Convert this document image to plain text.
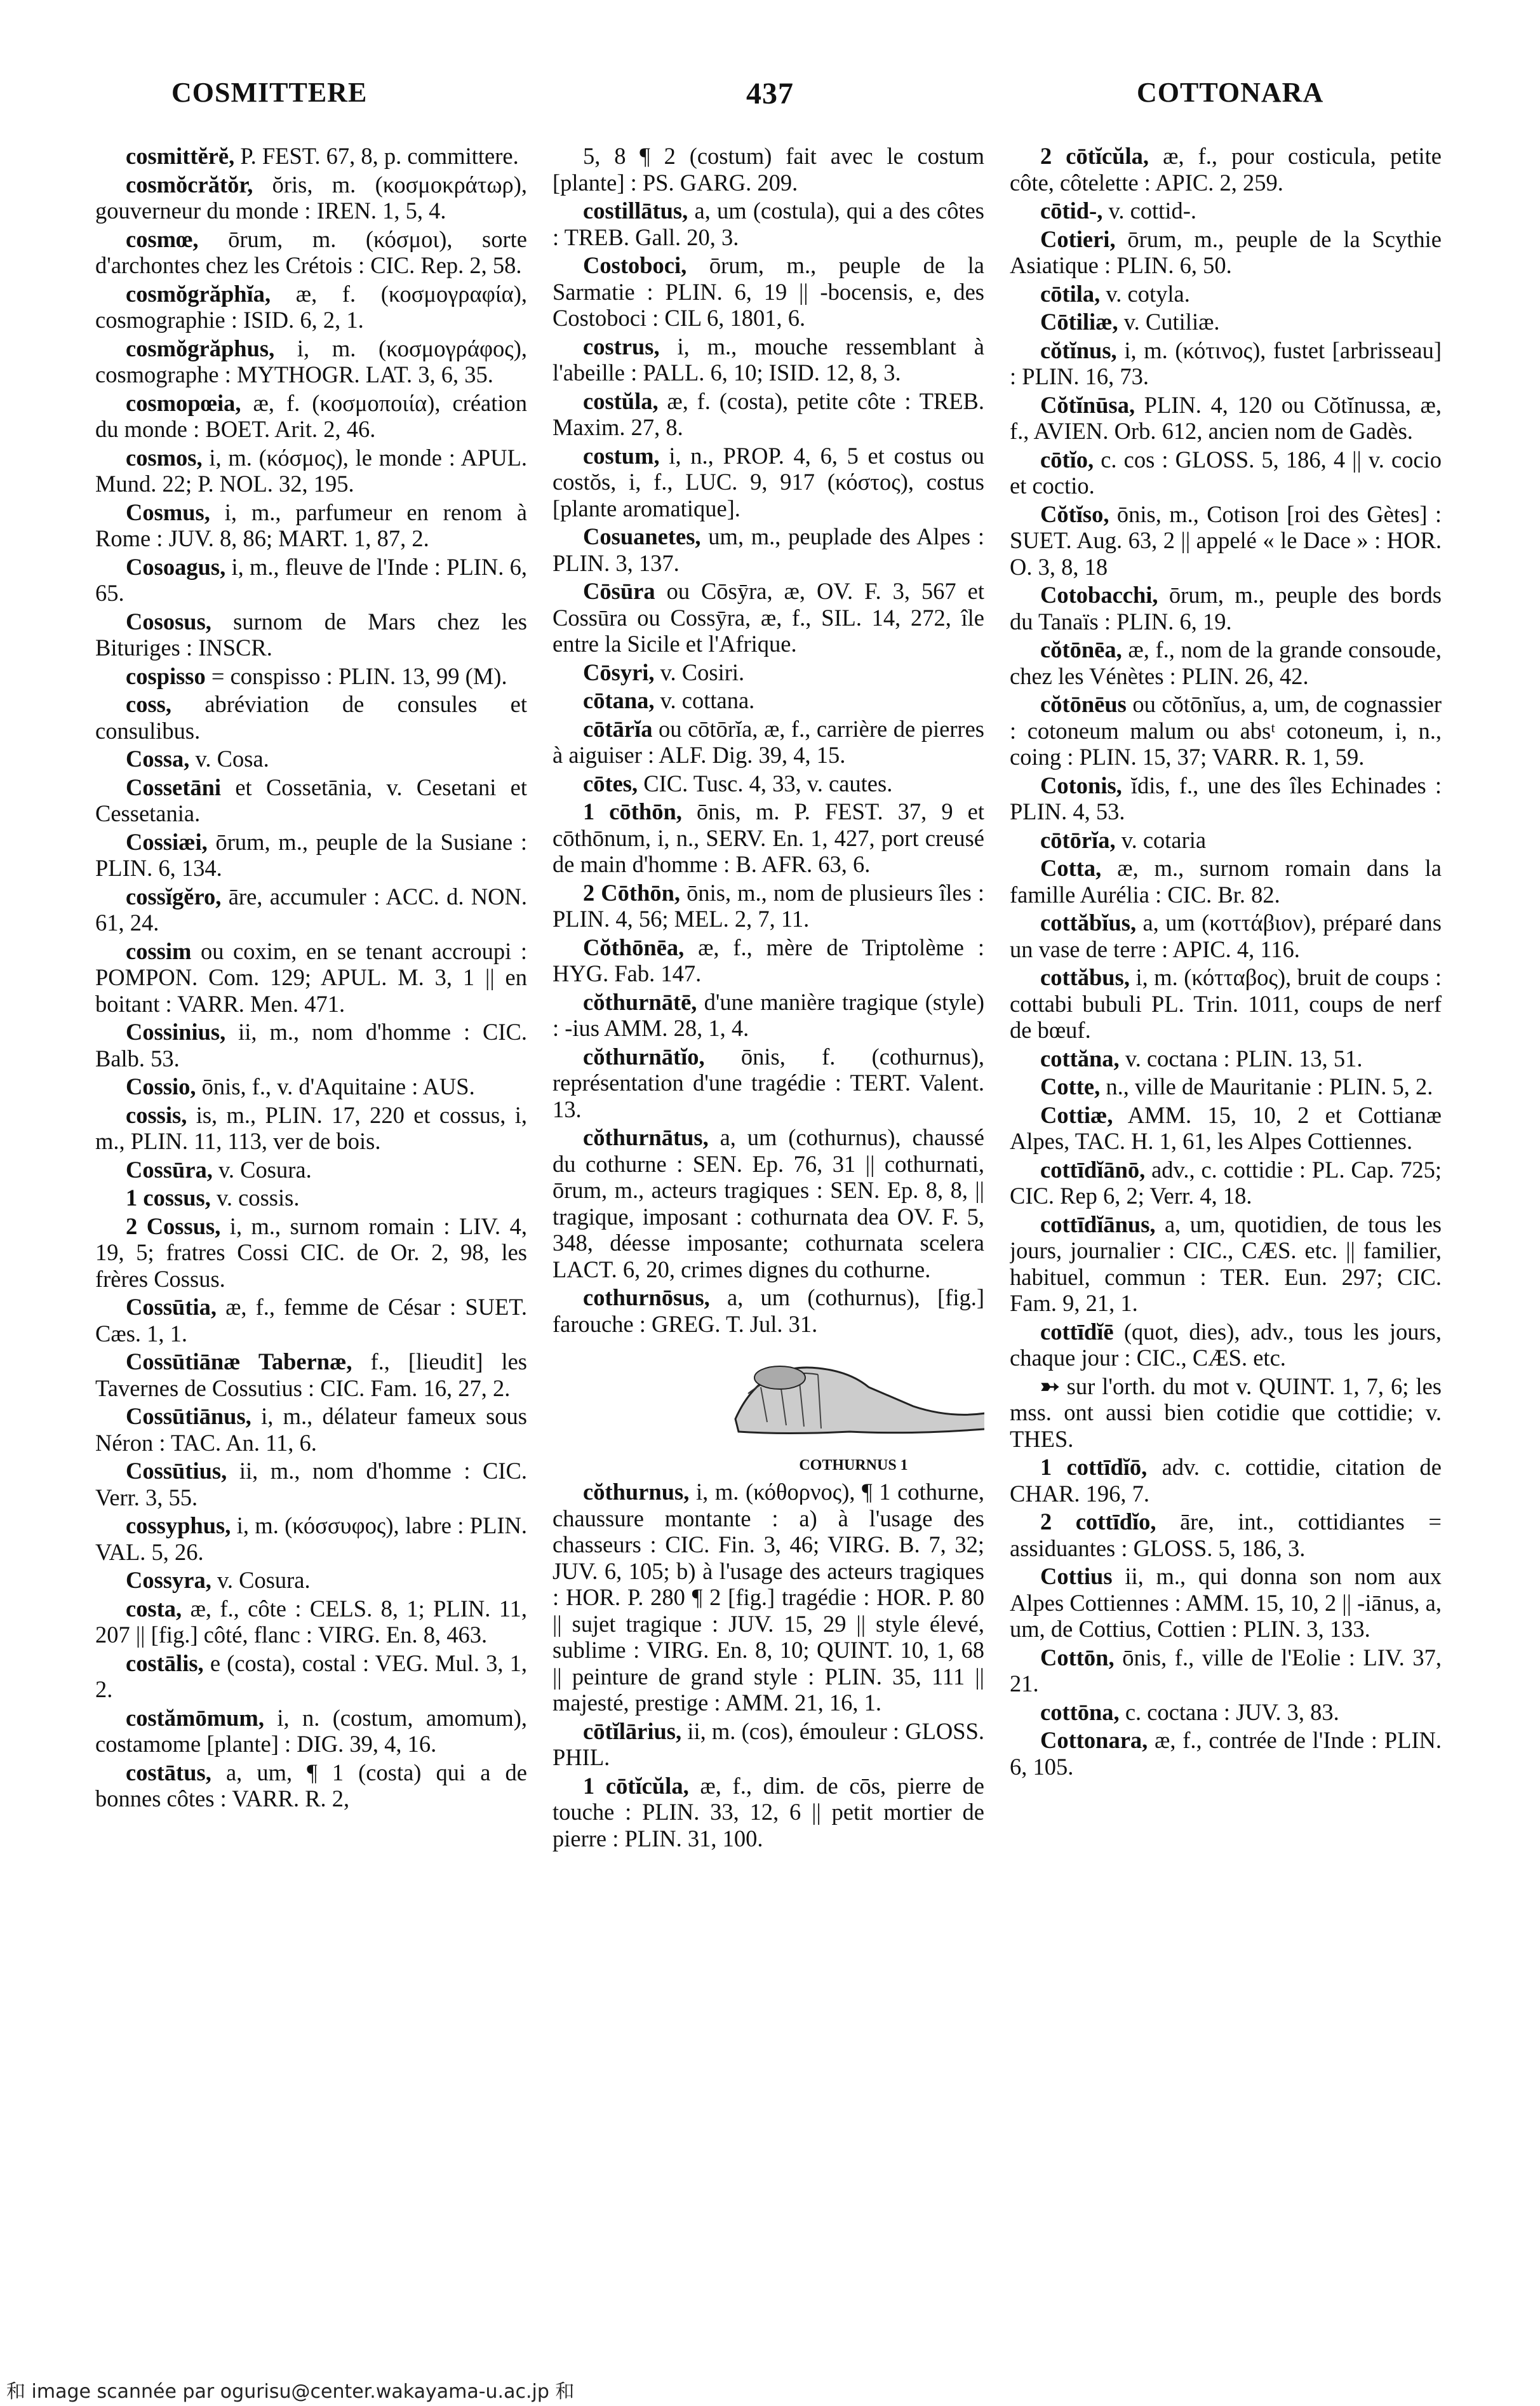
COSMITTERE	437	COTTONARA

cosmittĕrĕ, P. FEST. 67, 8, p. committere.

cosmŏcrătŏr, ŏris, m. (κοσμοκράτωρ), gouverneur du monde : IREN. 1, 5, 4.

cosmœ, ōrum, m. (κόσμοι), sorte d'archontes chez les Crétois : CIC. Rep. 2, 58.

cosmŏgrăphĭa, æ, f. (κοσμογραφία), cosmographie : ISID. 6, 2, 1.

cosmŏgrăphus, i, m. (κοσμογράφος), cosmographe : MYTHOGR. LAT. 3, 6, 35.

cosmopœia, æ, f. (κοσμοποιία), création du monde : BOET. Arit. 2, 46.

cosmos, i, m. (κόσμος), le monde : APUL. Mund. 22; P. NOL. 32, 195.

Cosmus, i, m., parfumeur en renom à Rome : JUV. 8, 86; MART. 1, 87, 2.

Cosoagus, i, m., fleuve de l'Inde : PLIN. 6, 65.

Cososus, surnom de Mars chez les Bituriges : INSCR.

cospisso = conspisso : PLIN. 13, 99 (M).

coss, abréviation de consules et consulibus.

Cossa, v. Cosa.

Cossetāni et Cossetānia, v. Cesetani et Cessetania.

Cossiæi, ōrum, m., peuple de la Susiane : PLIN. 6, 134.

cossĭgĕro, āre, accumuler : ACC. d. NON. 61, 24.

cossim ou coxim, en se tenant accroupi : POMPON. Com. 129; APUL. M. 3, 1 || en boitant : VARR. Men. 471.

Cossinius, ii, m., nom d'homme : CIC. Balb. 53.

Cossio, ōnis, f., v. d'Aquitaine : AUS.

cossis, is, m., PLIN. 17, 220 et cossus, i, m., PLIN. 11, 113, ver de bois.

Cossūra, v. Cosura.

1 cossus, v. cossis.

2 Cossus, i, m., surnom romain : LIV. 4, 19, 5; fratres Cossi CIC. de Or. 2, 98, les frères Cossus.

Cossūtia, æ, f., femme de César : SUET. Cæs. 1, 1.

Cossūtiānæ Tabernæ, f., [lieudit] les Tavernes de Cossutius : CIC. Fam. 16, 27, 2.

Cossūtiānus, i, m., délateur fameux sous Néron : TAC. An. 11, 6.

Cossūtius, ii, m., nom d'homme : CIC. Verr. 3, 55.

cossyphus, i, m. (κόσσυφος), labre : PLIN. VAL. 5, 26.

Cossyra, v. Cosura.

costa, æ, f., côte : CELS. 8, 1; PLIN. 11, 207 || [fig.] côté, flanc : VIRG. En. 8, 463.

costālis, e (costa), costal : VEG. Mul. 3, 1, 2.

costămōmum, i, n. (costum, amomum), costamome [plante] : DIG. 39, 4, 16.

costātus, a, um, ¶ 1 (costa) qui a de bonnes côtes : VARR. R. 2,

5, 8 ¶ 2 (costum) fait avec le costum [plante] : PS. GARG. 209.

costillātus, a, um (costula), qui a des côtes : TREB. Gall. 20, 3.

Costoboci, ōrum, m., peuple de la Sarmatie : PLIN. 6, 19 || -bocensis, e, des Costoboci : CIL 6, 1801, 6.

costrus, i, m., mouche ressemblant à l'abeille : PALL. 6, 10; ISID. 12, 8, 3.

costŭla, æ, f. (costa), petite côte : TREB. Maxim. 27, 8.

costum, i, n., PROP. 4, 6, 5 et costus ou costŏs, i, f., LUC. 9, 917 (κόστος), costus [plante aromatique].

Cosuanetes, um, m., peuplade des Alpes : PLIN. 3, 137.

Cōsūra ou Cōsȳra, æ, OV. F. 3, 567 et Cossūra ou Cossȳra, æ, f., SIL. 14, 272, île entre la Sicile et l'Afrique.

Cōsyri, v. Cosiri.

cōtana, v. cottana.

cōtārĭa ou cōtōrĭa, æ, f., carrière de pierres à aiguiser : ALF. Dig. 39, 4, 15.

cōtes, CIC. Tusc. 4, 33, v. cautes.

1 cōthōn, ōnis, m. P. FEST. 37, 9 et cōthōnum, i, n., SERV. En. 1, 427, port creusé de main d'homme : B. AFR. 63, 6.

2 Cōthōn, ōnis, m., nom de plusieurs îles : PLIN. 4, 56; MEL. 2, 7, 11.

Cŏthōnēa, æ, f., mère de Triptolème : HYG. Fab. 147.

cŏthurnātē, d'une manière tragique (style) : -ius AMM. 28, 1, 4.

cŏthurnātĭo, ōnis, f. (cothurnus), représentation d'une tragédie : TERT. Valent. 13.

cŏthurnātus, a, um (cothurnus), chaussé du cothurne : SEN. Ep. 76, 31 || cothurnati, ōrum, m., acteurs tragiques : SEN. Ep. 8, 8, || tragique, imposant : cothurnata dea OV. F. 5, 348, déesse imposante; cothurnata scelera LACT. 6, 20, crimes dignes du cothurne.

cothurnōsus, a, um (cothurnus), [fig.] farouche : GREG. T. Jul. 31.

COTHURNUS 1
cŏthurnus, i, m. (κόθορνος), ¶ 1 cothurne, chaussure montante : a) à l'usage des chasseurs : CIC. Fin. 3, 46; VIRG. B. 7, 32; JUV. 6, 105; b) à l'usage des acteurs tragiques : HOR. P. 280 ¶ 2 [fig.] tragédie : HOR. P. 80 || sujet tragique : JUV. 15, 29 || style élevé, sublime : VIRG. En. 8, 10; QUINT. 10, 1, 68 || peinture de grand style : PLIN. 35, 111 || majesté, prestige : AMM. 21, 16, 1.

cōtĭlārius, ii, m. (cos), émouleur : GLOSS. PHIL.

1 cōtĭcŭla, æ, f., dim. de cōs, pierre de touche : PLIN. 33, 12, 6 || petit mortier de pierre : PLIN. 31, 100.

2 cōtĭcŭla, æ, f., pour costicula, petite côte, côtelette : APIC. 2, 259.

cōtid-, v. cottid-.

Cotieri, ōrum, m., peuple de la Scythie Asiatique : PLIN. 6, 50.

cōtila, v. cotyla.

Cōtiliæ, v. Cutiliæ.

cŏtĭnus, i, m. (κότινος), fustet [arbrisseau] : PLIN. 16, 73.

Cŏtĭnūsa, PLIN. 4, 120 ou Cŏtĭnussa, æ, f., AVIEN. Orb. 612, ancien nom de Gadès.

cōtĭo, c. cos : GLOSS. 5, 186, 4 || v. cocio et coctio.

Cŏtĭso, ōnis, m., Cotison [roi des Gètes] : SUET. Aug. 63, 2 || appelé « le Dace » : HOR. O. 3, 8, 18

Cotobacchi, ōrum, m., peuple des bords du Tanaïs : PLIN. 6, 19.

cŏtōnēa, æ, f., nom de la grande consoude, chez les Vénètes : PLIN. 26, 42.

cŏtōnēus ou cŏtōnĭus, a, um, de cognassier : cotoneum malum ou absᵗ cotoneum, i, n., coing : PLIN. 15, 37; VARR. R. 1, 59.

Cotonis, ĭdis, f., une des îles Echinades : PLIN. 4, 53.

cōtōrĭa, v. cotaria

Cotta, æ, m., surnom romain dans la famille Aurélia : CIC. Br. 82.

cottăbĭus, a, um (κοττάβιον), préparé dans un vase de terre : APIC. 4, 116.

cottăbus, i, m. (κότταβος), bruit de coups : cottabi bubuli PL. Trin. 1011, coups de nerf de bœuf.

cottăna, v. coctana : PLIN. 13, 51.

Cotte, n., ville de Mauritanie : PLIN. 5, 2.

Cottiæ, AMM. 15, 10, 2 et Cottianæ Alpes, TAC. H. 1, 61, les Alpes Cottiennes.

cottīdĭānō, adv., c. cottidie : PL. Cap. 725; CIC. Rep 6, 2; Verr. 4, 18.

cottīdĭānus, a, um, quotidien, de tous les jours, journalier : CIC., CÆS. etc. || familier, habituel, commun : TER. Eun. 297; CIC. Fam. 9, 21, 1.

cottīdĭē (quot, dies), adv., tous les jours, chaque jour : CIC., CÆS. etc.

➳ sur l'orth. du mot v. QUINT. 1, 7, 6; les mss. ont aussi bien cotidie que cottidie; v. THES.

1 cottīdĭō, adv. c. cottidie, citation de CHAR. 196, 7.

2 cottīdĭo, āre, int., cottidiantes = assiduantes : GLOSS. 5, 186, 3.

Cottius ii, m., qui donna son nom aux Alpes Cottiennes : AMM. 15, 10, 2 || -iānus, a, um, de Cottius, Cottien : PLIN. 3, 133.

Cottōn, ōnis, f., ville de l'Eolie : LIV. 37, 21.

cottōna, c. coctana : JUV. 3, 83.

Cottonara, æ, f., contrée de l'Inde : PLIN. 6, 105.

和 image scannée par ogurisu@center.wakayama-u.ac.jp 和
